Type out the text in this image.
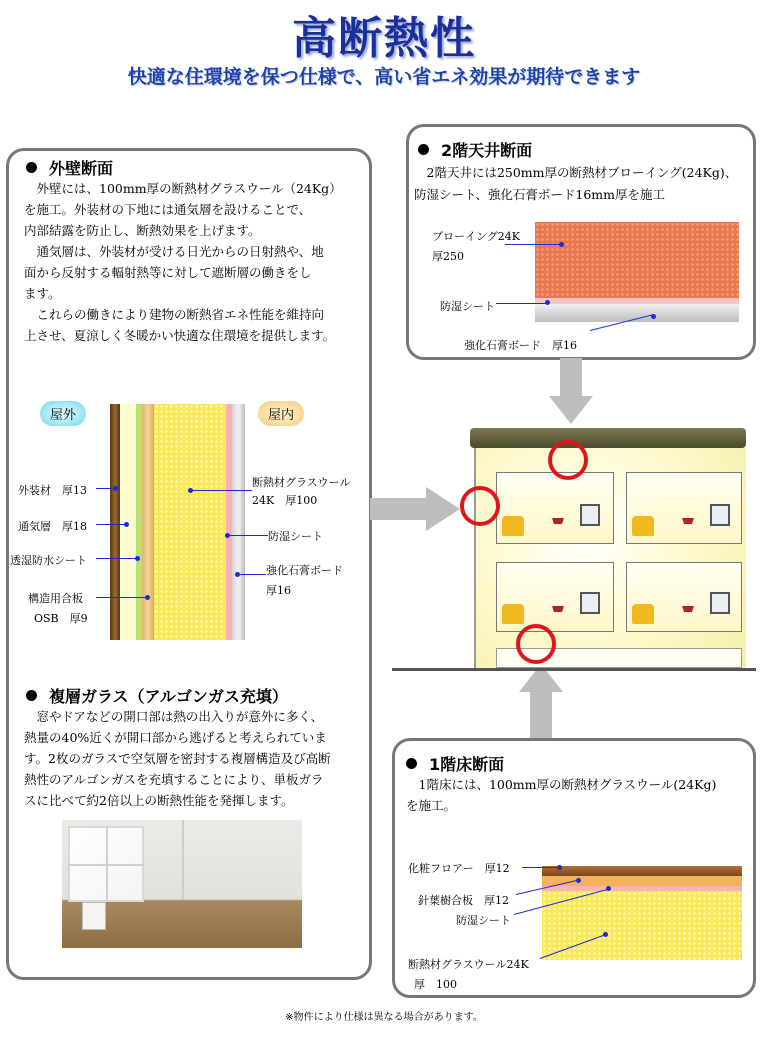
高断熱性
快適な住環境を保つ仕様で、高い省エネ効果が期待できます
外壁断面
　外壁には、100mm厚の断熱材グラスウール（24Kg）
を施工。外装材の下地には通気層を設けることで、
内部結露を防止し、断熱効果を上げます。
　通気層は、外装材が受ける日光からの日射熱や、地
面から反射する輻射熱等に対して遮断層の働きをし
ます。
　これらの働きにより建物の断熱省エネ性能を維持向
上させ、夏涼しく冬暖かい快適な住環境を提供します。
屋外	屋内
外装材　厚13
通気層　厚18
透湿防水シート
構造用合板
OSB　厚9
断熱材グラスウール
24K　厚100
防湿シート
強化石膏ボード
厚16
複層ガラス（アルゴンガス充填）
　窓やドアなどの開口部は熱の出入りが意外に多く、
熱量の40%近くが開口部から逃げると考えられていま
す。2枚のガラスで空気層を密封する複層構造及び高断
熱性のアルゴンガスを充填することにより、単板ガラ
スに比べて約2倍以上の断熱性能を発揮します。
2階天井断面
　2階天井には250mm厚の断熱材ブローイング(24Kg)、
防湿シート、強化石膏ボード16mm厚を施工
ブローイング24K
厚250
防湿シート
強化石膏ボード　厚16
1階床断面
　1階床には、100mm厚の断熱材グラスウール(24Kg)
を施工。
化粧フロアー　厚12
針葉樹合板　厚12
防湿シート
断熱材グラスウール24K
厚　100
※物件により仕様は異なる場合があります。
